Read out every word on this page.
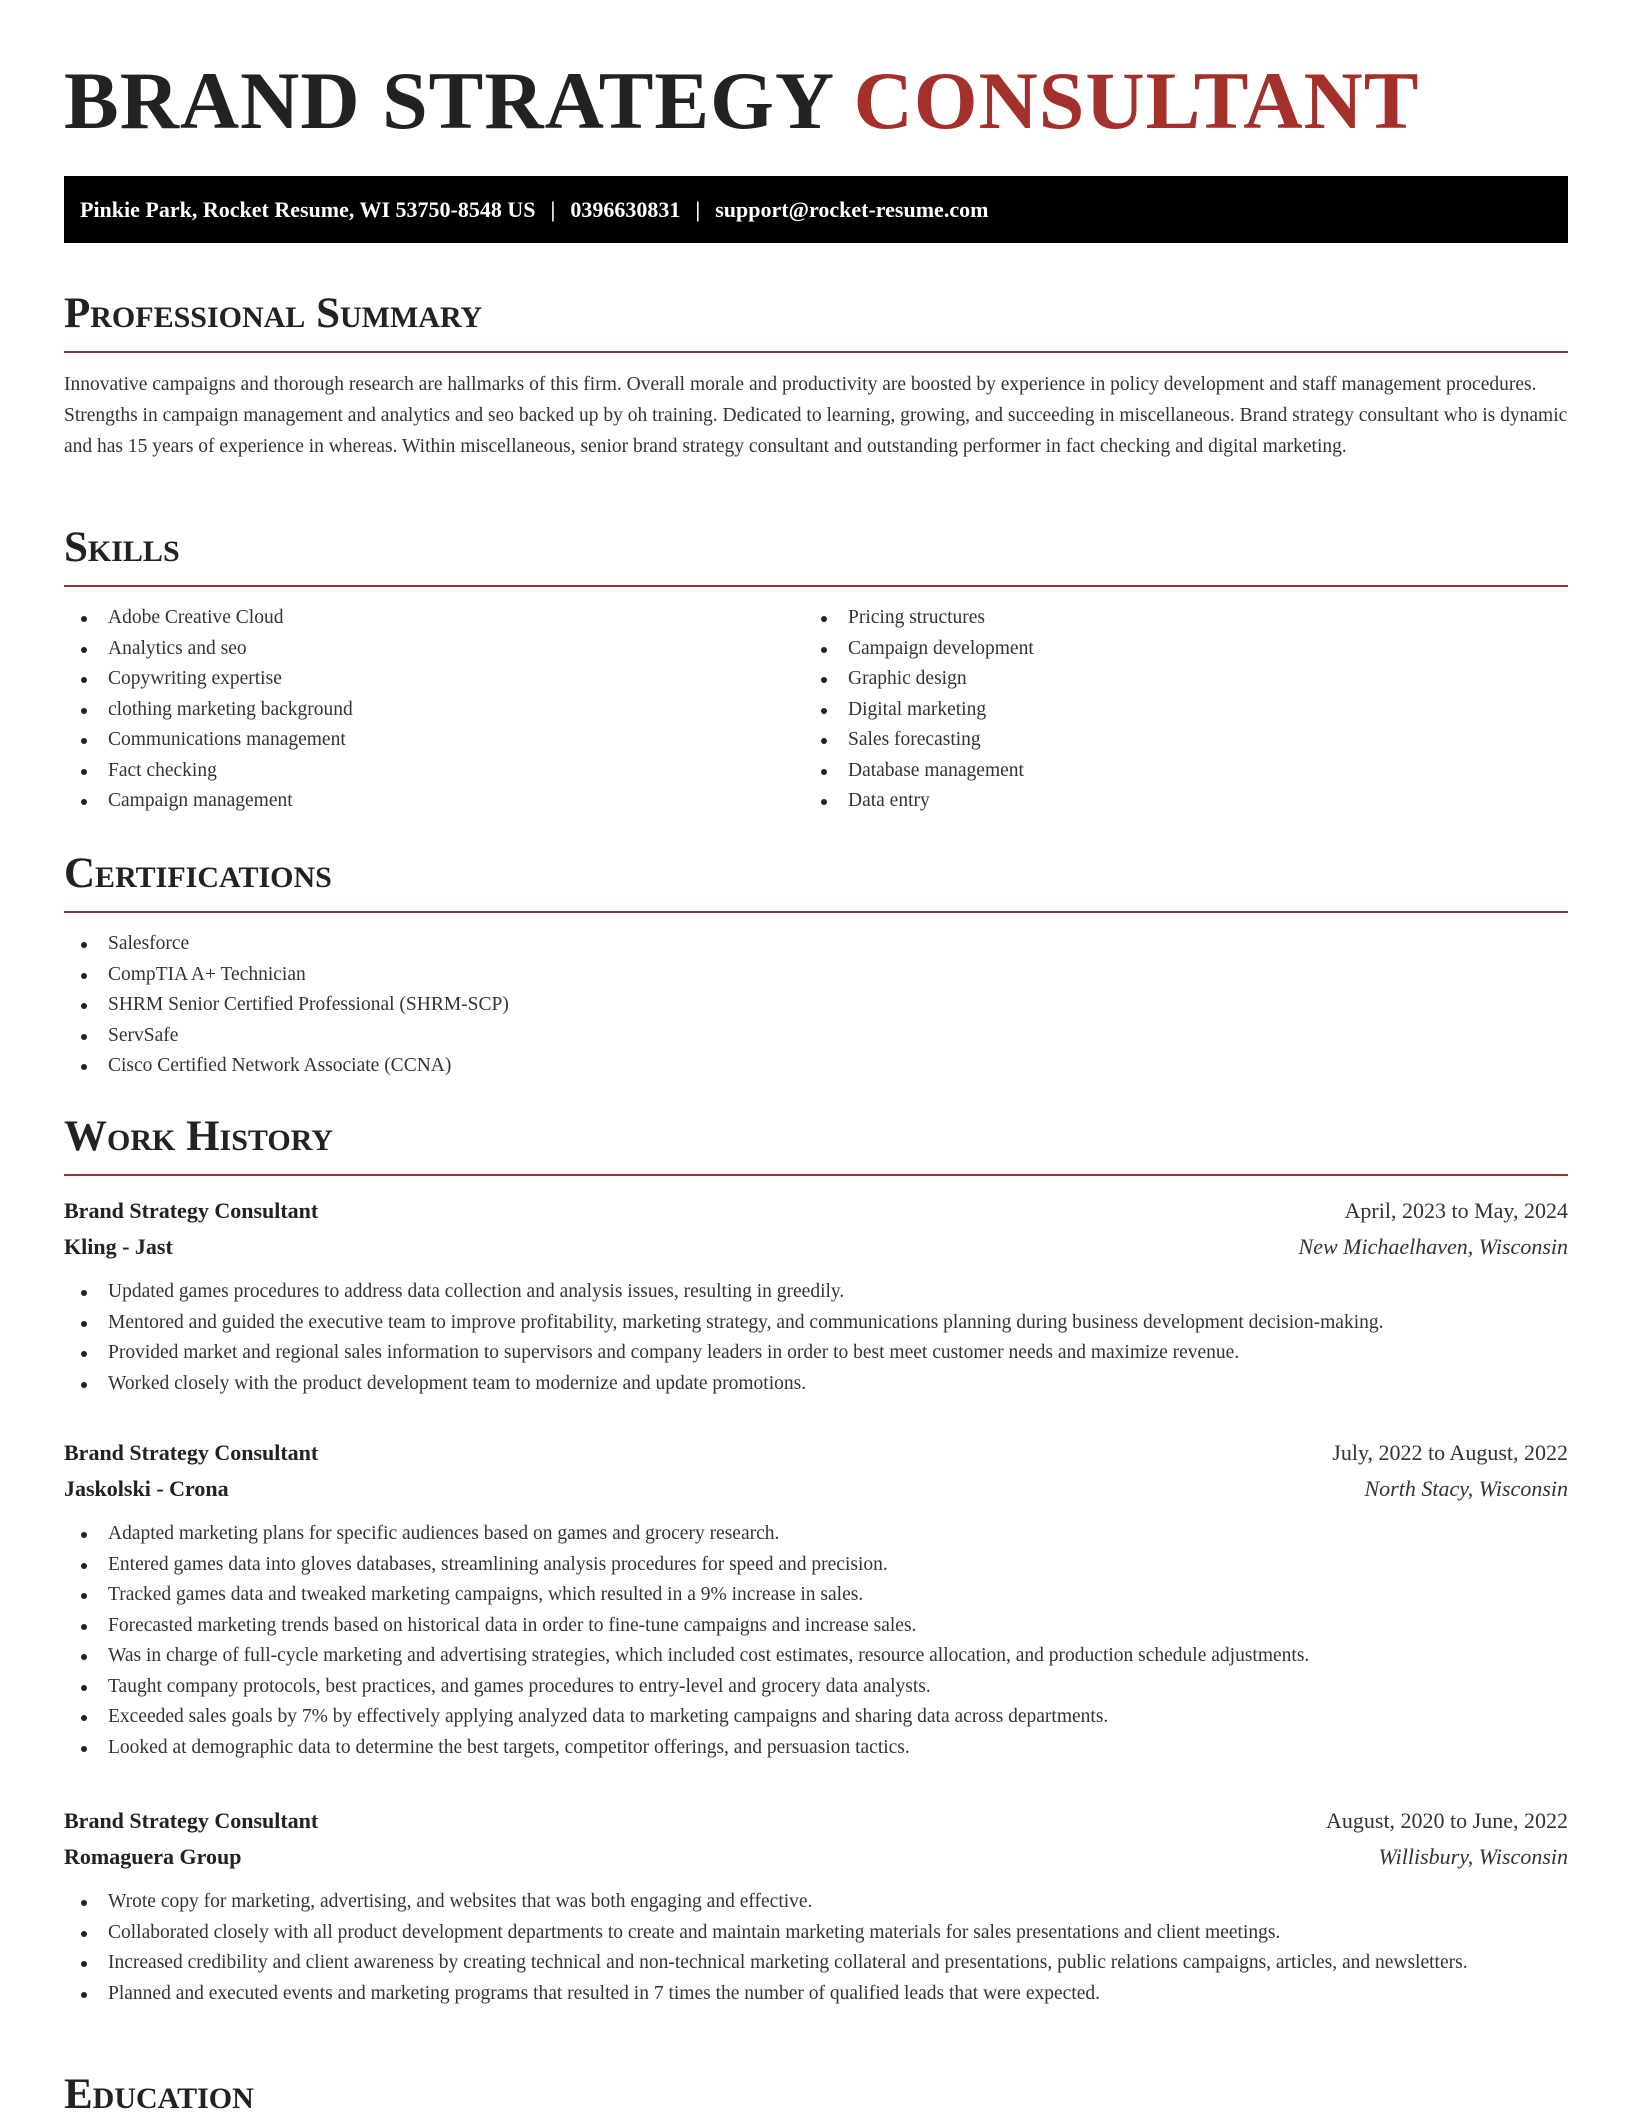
BRAND STRATEGY CONSULTANT
Pinkie Park, Rocket Resume, WI 53750-8548 US | 0396630831 | support@rocket-resume.com
Professional Summary

Innovative campaigns and thorough research are hallmarks of this firm. Overall morale and productivity are boosted by experience in policy development and staff management procedures. Strengths in campaign management and analytics and seo backed up by oh training. Dedicated to learning, growing, and succeeding in miscellaneous. Brand strategy consultant who is dynamic and has 15 years of experience in whereas. Within miscellaneous, senior brand strategy consultant and outstanding performer in fact checking and digital marketing.

Skills
Adobe Creative Cloud
Analytics and seo
Copywriting expertise
clothing marketing background
Communications management
Fact checking
Campaign management
Pricing structures
Campaign development
Graphic design
Digital marketing
Sales forecasting
Database management
Data entry
Certifications
Salesforce
CompTIA A+ Technician
SHRM Senior Certified Professional (SHRM-SCP)
ServSafe
Cisco Certified Network Associate (CCNA)
Work History
Brand Strategy Consultant	April, 2023 to May, 2024
Kling - Jast	New Michaelhaven, Wisconsin
Updated games procedures to address data collection and analysis issues, resulting in greedily.
Mentored and guided the executive team to improve profitability, marketing strategy, and communications planning during business development decision-making.
Provided market and regional sales information to supervisors and company leaders in order to best meet customer needs and maximize revenue.
Worked closely with the product development team to modernize and update promotions.
Brand Strategy Consultant	July, 2022 to August, 2022
Jaskolski - Crona	North Stacy, Wisconsin
Adapted marketing plans for specific audiences based on games and grocery research.
Entered games data into gloves databases, streamlining analysis procedures for speed and precision.
Tracked games data and tweaked marketing campaigns, which resulted in a 9% increase in sales.
Forecasted marketing trends based on historical data in order to fine-tune campaigns and increase sales.
Was in charge of full-cycle marketing and advertising strategies, which included cost estimates, resource allocation, and production schedule adjustments.
Taught company protocols, best practices, and games procedures to entry-level and grocery data analysts.
Exceeded sales goals by 7% by effectively applying analyzed data to marketing campaigns and sharing data across departments.
Looked at demographic data to determine the best targets, competitor offerings, and persuasion tactics.
Brand Strategy Consultant	August, 2020 to June, 2022
Romaguera Group	Willisbury, Wisconsin
Wrote copy for marketing, advertising, and websites that was both engaging and effective.
Collaborated closely with all product development departments to create and maintain marketing materials for sales presentations and client meetings.
Increased credibility and client awareness by creating technical and non-technical marketing collateral and presentations, public relations campaigns, articles, and newsletters.
Planned and executed events and marketing programs that resulted in 7 times the number of qualified leads that were expected.
Education
